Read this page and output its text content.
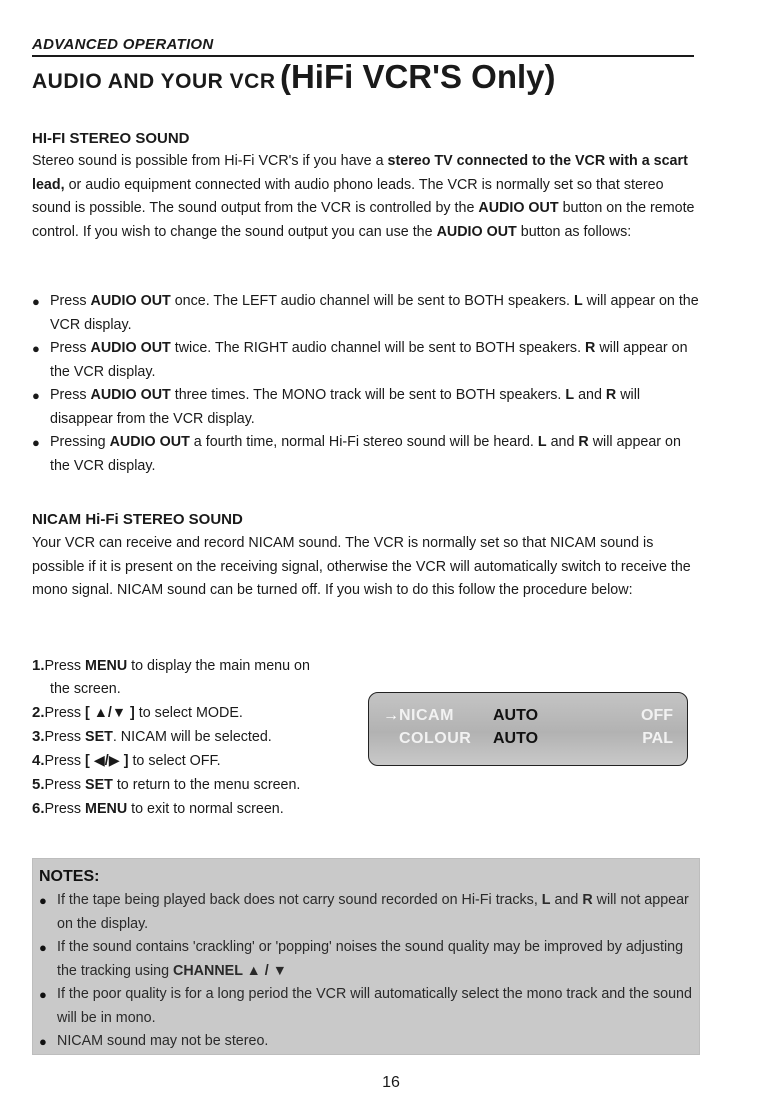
ADVANCED OPERATION
AUDIO AND YOUR VCR (HiFi VCR'S Only)
HI-FI STEREO SOUND

Stereo sound is possible from Hi-Fi VCR's if you have a stereo TV connected to the VCR with a scart lead, or audio equipment connected with audio phono leads. The VCR is normally set so that stereo sound is possible. The sound output from the VCR is controlled by the AUDIO OUT button on the remote control. If you wish to change the sound output you can use the AUDIO OUT button as follows:

● Press AUDIO OUT once. The LEFT audio channel will be sent to BOTH speakers. L will appear on the VCR display.
● Press AUDIO OUT twice. The RIGHT audio channel will be sent to BOTH speakers. R will appear on the VCR display.
● Press AUDIO OUT three times. The MONO track will be sent to BOTH speakers. L and R will disappear from the VCR display.
● Pressing AUDIO OUT a fourth time, normal Hi-Fi stereo sound will be heard. L and R will appear on the VCR display.
NICAM Hi-Fi STEREO SOUND

Your VCR can receive and record NICAM sound. The VCR is normally set so that NICAM sound is possible if it is present on the receiving signal, otherwise the VCR will automatically switch to receive the mono signal. NICAM sound can be turned off. If you wish to do this follow the procedure below:

1.Press MENU to display the main menu on
the screen.
2.Press [ ▲/▼ ] to select MODE.
3.Press SET. NICAM will be selected.
4.Press [ ◀/▶ ] to select OFF.
5.Press SET to return to the menu screen.
6.Press MENU to exit to normal screen.
→ NICAM AUTO	OFF
COLOUR AUTO	PAL
NOTES:
● If the tape being played back does not carry sound recorded on Hi-Fi tracks, L and R will not appear on the display.
● If the sound contains 'crackling' or 'popping' noises the sound quality may be improved by adjusting the tracking using CHANNEL ▲ / ▼
● If the poor quality is for a long period the VCR will automatically select the mono track and the sound will be in mono.
● NICAM sound may not be stereo.
16
